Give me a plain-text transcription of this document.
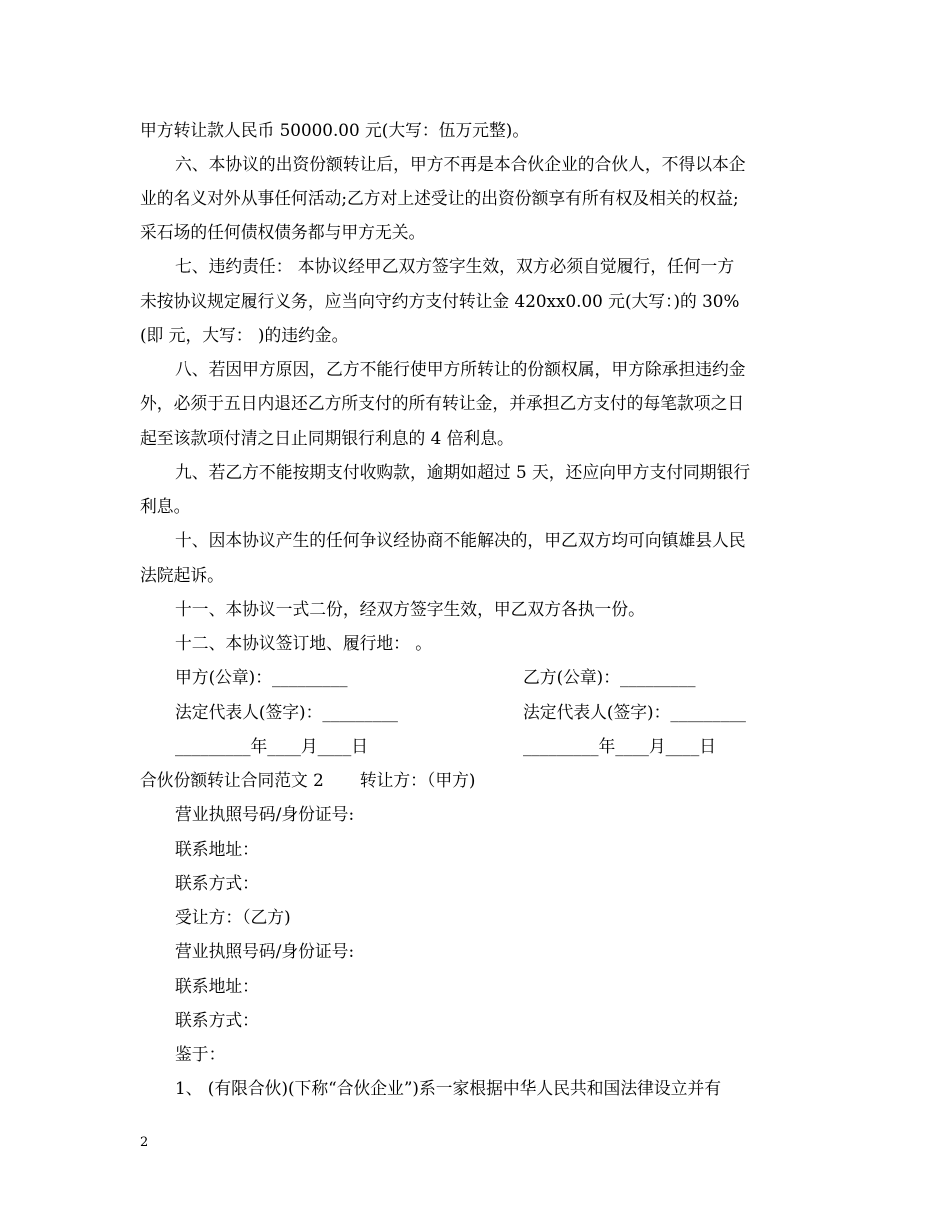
甲方转让款人民币 50000.00 元(大写：伍万元整)。
六、本协议的出资份额转让后，甲方不再是本合伙企业的合伙人，不得以本企
业的名义对外从事任何活动;乙方对上述受让的出资份额享有所有权及相关的权益;
采石场的任何债权债务都与甲方无关。
七、违约责任： 本协议经甲乙双方签字生效，双方必须自觉履行，任何一方
未按协议规定履行义务，应当向守约方支付转让金 420xx0.00 元(大写：)的 30%
(即 元，大写： )的违约金。
八、若因甲方原因，乙方不能行使甲方所转让的份额权属，甲方除承担违约金
外，必须于五日内退还乙方所支付的所有转让金，并承担乙方支付的每笔款项之日
起至该款项付清之日止同期银行利息的 4 倍利息。
九、若乙方不能按期支付收购款，逾期如超过 5 天，还应向甲方支付同期银行
利息。
十、因本协议产生的任何争议经协商不能解决的，甲乙双方均可向镇雄县人民
法院起诉。
十一、本协议一式二份，经双方签字生效，甲乙双方各执一份。
十二、本协议签订地、履行地： 。
甲方(公章)：_________	乙方(公章)：_________
法定代表人(签字)：_________	法定代表人(签字)：_________
_________年____月____日	_________年____月____日
合伙份额转让合同范文 2 转让方：（甲方)
营业执照号码/身份证号:
联系地址：
联系方式：
受让方：（乙方)
营业执照号码/身份证号:
联系地址：
联系方式：
鉴于：
1、 (有限合伙)(下称“合伙企业”)系一家根据中华人民共和国法律设立并有
2
